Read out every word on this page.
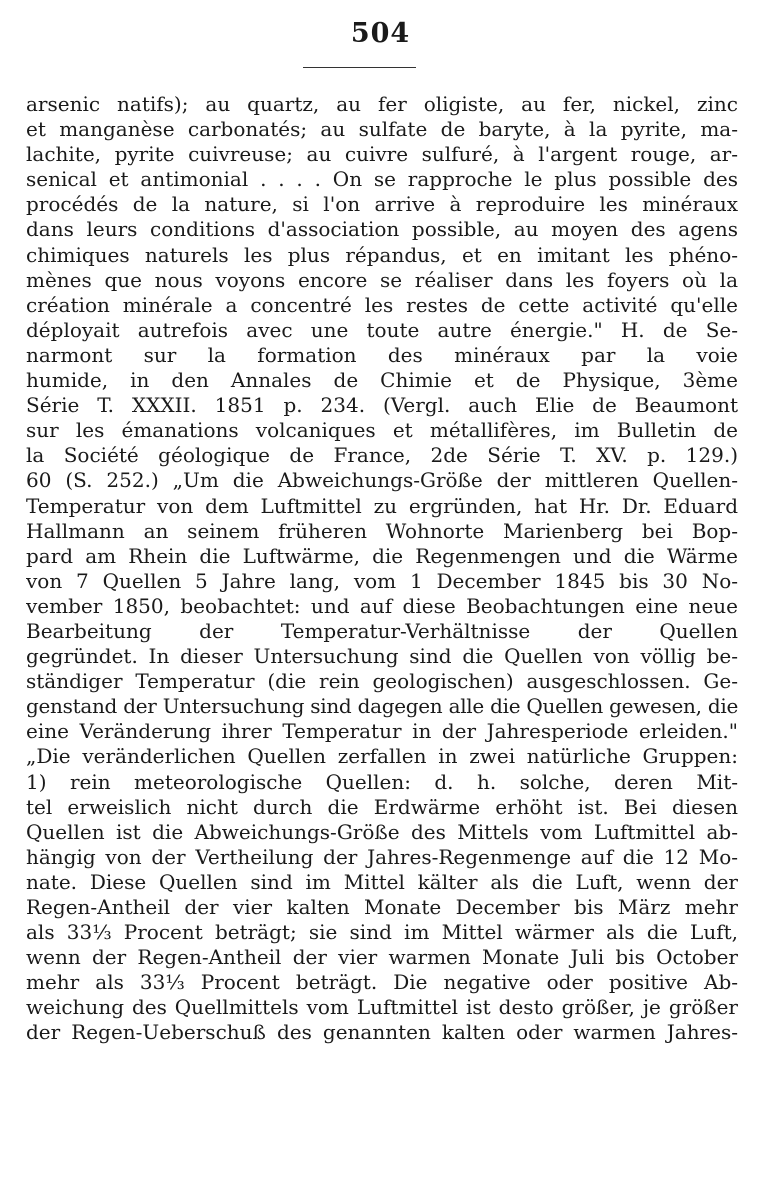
504
arsenic natifs); au quartz, au fer oligiste, au fer, nickel, zinc
et manganèse carbonatés; au sulfate de baryte, à la pyrite, ma-
lachite, pyrite cuivreuse; au cuivre sulfuré, à l'argent rouge, ar-
senical et antimonial . . . . On se rapproche le plus possible des
procédés de la nature, si l'on arrive à reproduire les minéraux
dans leurs conditions d'association possible, au moyen des agens
chimiques naturels les plus répandus, et en imitant les phéno-
mènes que nous voyons encore se réaliser dans les foyers où la
création minérale a concentré les restes de cette activité qu'elle
déployait autrefois avec une toute autre énergie." H. de Se-
narmont sur la formation des minéraux par la voie
humide, in den Annales de Chimie et de Physique, 3ème
Série T. XXXII. 1851 p. 234. (Vergl. auch Elie de Beaumont
sur les émanations volcaniques et métallifères, im Bulletin de
la Société géologique de France, 2de Série T. XV. p. 129.)
60 (S. 252.) „Um die Abweichungs-Größe der mittleren Quellen-
Temperatur von dem Luftmittel zu ergründen, hat Hr. Dr. Eduard
Hallmann an seinem früheren Wohnorte Marienberg bei Bop-
pard am Rhein die Luftwärme, die Regenmengen und die Wärme
von 7 Quellen 5 Jahre lang, vom 1 December 1845 bis 30 No-
vember 1850, beobachtet: und auf diese Beobachtungen eine neue
Bearbeitung der Temperatur-Verhältnisse der Quellen
gegründet. In dieser Untersuchung sind die Quellen von völlig be-
ständiger Temperatur (die rein geologischen) ausgeschlossen. Ge-
genstand der Untersuchung sind dagegen alle die Quellen gewesen, die
eine Veränderung ihrer Temperatur in der Jahresperiode erleiden."
„Die veränderlichen Quellen zerfallen in zwei natürliche Gruppen:
1) rein meteorologische Quellen: d. h. solche, deren Mit-
tel erweislich nicht durch die Erdwärme erhöht ist. Bei diesen
Quellen ist die Abweichungs-Größe des Mittels vom Luftmittel ab-
hängig von der Vertheilung der Jahres-Regenmenge auf die 12 Mo-
nate. Diese Quellen sind im Mittel kälter als die Luft, wenn der
Regen-Antheil der vier kalten Monate December bis März mehr
als 33⅓ Procent beträgt; sie sind im Mittel wärmer als die Luft,
wenn der Regen-Antheil der vier warmen Monate Juli bis October
mehr als 33⅓ Procent beträgt. Die negative oder positive Ab-
weichung des Quellmittels vom Luftmittel ist desto größer, je größer
der Regen-Ueberschuß des genannten kalten oder warmen Jahres-
